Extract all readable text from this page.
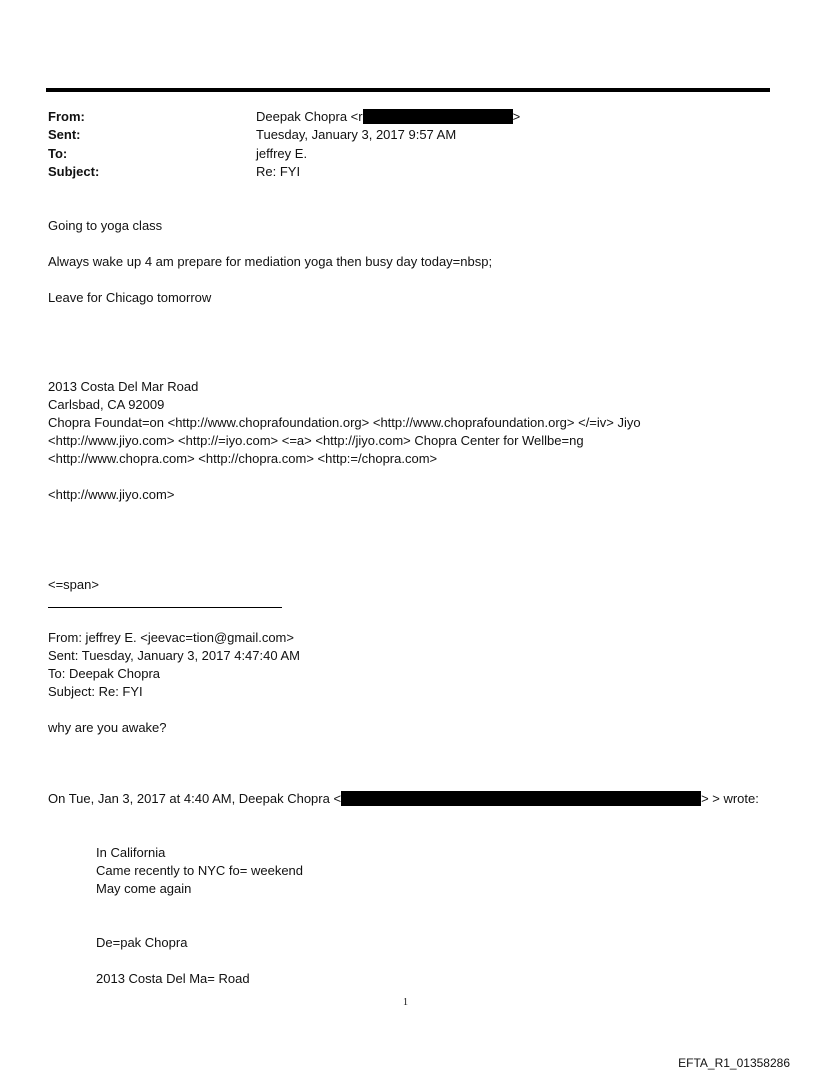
From:	Deepak Chopra <r	>
Sent:	Tuesday, January 3, 2017 9:57 AM
To:	jeffrey E.
Subject:	Re: FYI
Going to yoga class
Always wake up 4 am prepare for mediation yoga then busy day today=nbsp;
Leave for Chicago tomorrow
2013 Costa Del Mar Road
Carlsbad, CA 92009
Chopra Foundat=on <http://www.choprafoundation.org> <http://www.choprafoundation.org> </=iv> Jiyo
<http://www.jiyo.com> <http://=iyo.com> <=a> <http://jiyo.com> Chopra Center for Wellbe=ng
<http://www.chopra.com> <http://chopra.com> <http:=/chopra.com>
<http://www.jiyo.com>
<=span>
From: jeffrey E. <jeevac=tion@gmail.com>
Sent: Tuesday, January 3, 2017 4:47:40 AM
To: Deepak Chopra
Subject: Re: FYI
why are you awake?
On Tue, Jan 3, 2017 at 4:40 AM, Deepak Chopra <	> > wrote:
In California
Came recently to NYC fo= weekend
May come again
De=pak Chopra
2013 Costa Del Ma= Road
1
EFTA_R1_01358286
